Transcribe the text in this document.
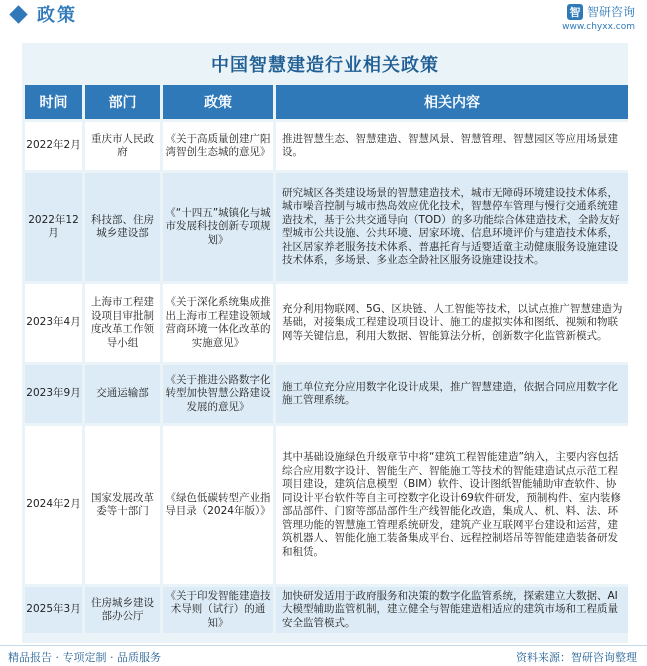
政策	智 智研咨询
www.chyxx.com
中国智慧建造行业相关政策
时间	部门	政策	相关内容
2022年2月	重庆市人民政府	《关于高质量创建广阳湾智创生态城的意见》	推进智慧生态、智慧建造、智慧风景、智慧管理、智慧园区等应用场景建设。
2022年12月	科技部、住房城乡建设部	《“十四五”城镇化与城市发展科技创新专项规划》	研究城区各类建设场景的智慧建造技术，城市无障碍环境建设技术体系，城市噪音控制与城市热岛效应优化技术，智慧停车管理与慢行交通系统建造技术，基于公共交通导向（TOD）的多功能综合体建造技术，全龄友好型城市公共设施、公共环境、居家环境、信息环境评价与建造技术体系，社区居家养老服务技术体系、普惠托育与适婴适童主动健康服务设施建设技术体系，多场景、多业态全龄社区服务设施建设技术。
2023年4月	上海市工程建设项目审批制度改革工作领导小组	《关于深化系统集成推出上海市工程建设领域营商环境一体化改革的实施意见》	充分利用物联网、5G、区块链、人工智能等技术，以试点推广智慧建造为基础，对接集成工程建设项目设计、施工的虚拟实体和图纸、视频和物联网等关键信息，利用大数据、智能算法分析，创新数字化监管新模式。
2023年9月	交通运输部	《关于推进公路数字化转型加快智慧公路建设发展的意见》	施工单位充分应用数字化设计成果，推广智慧建造，依据合同应用数字化施工管理系统。
2024年2月	国家发展改革委等十部门	《绿色低碳转型产业指导目录（2024年版）》	其中基础设施绿色升级章节中将“建筑工程智能建造”纳入，主要内容包括综合应用数字设计、智能生产、智能施工等技术的智能建造试点示范工程项目建设，建筑信息模型（BIM）软件、设计图纸智能辅助审查软件、协同设计平台软件等自主可控数字化设计69软件研发，预制构件、室内装修部品部件、门窗等部品部件生产线智能化改造，集成人、机、料、法、环管理功能的智慧施工管理系统研发，建筑产业互联网平台建设和运营，建筑机器人、智能化施工装备集成平台、远程控制塔吊等智能建造装备研发和租赁。
2025年3月	住房城乡建设部办公厅	《关于印发智能建造技术导则（试行）的通知》	加快研发适用于政府服务和决策的数字化监管系统，探索建立大数据、AI大模型辅助监管机制，建立健全与智能建造相适应的建筑市场和工程质量安全监管模式。
精品报告 · 专项定制 · 品质服务	资料来源：智研咨询整理
